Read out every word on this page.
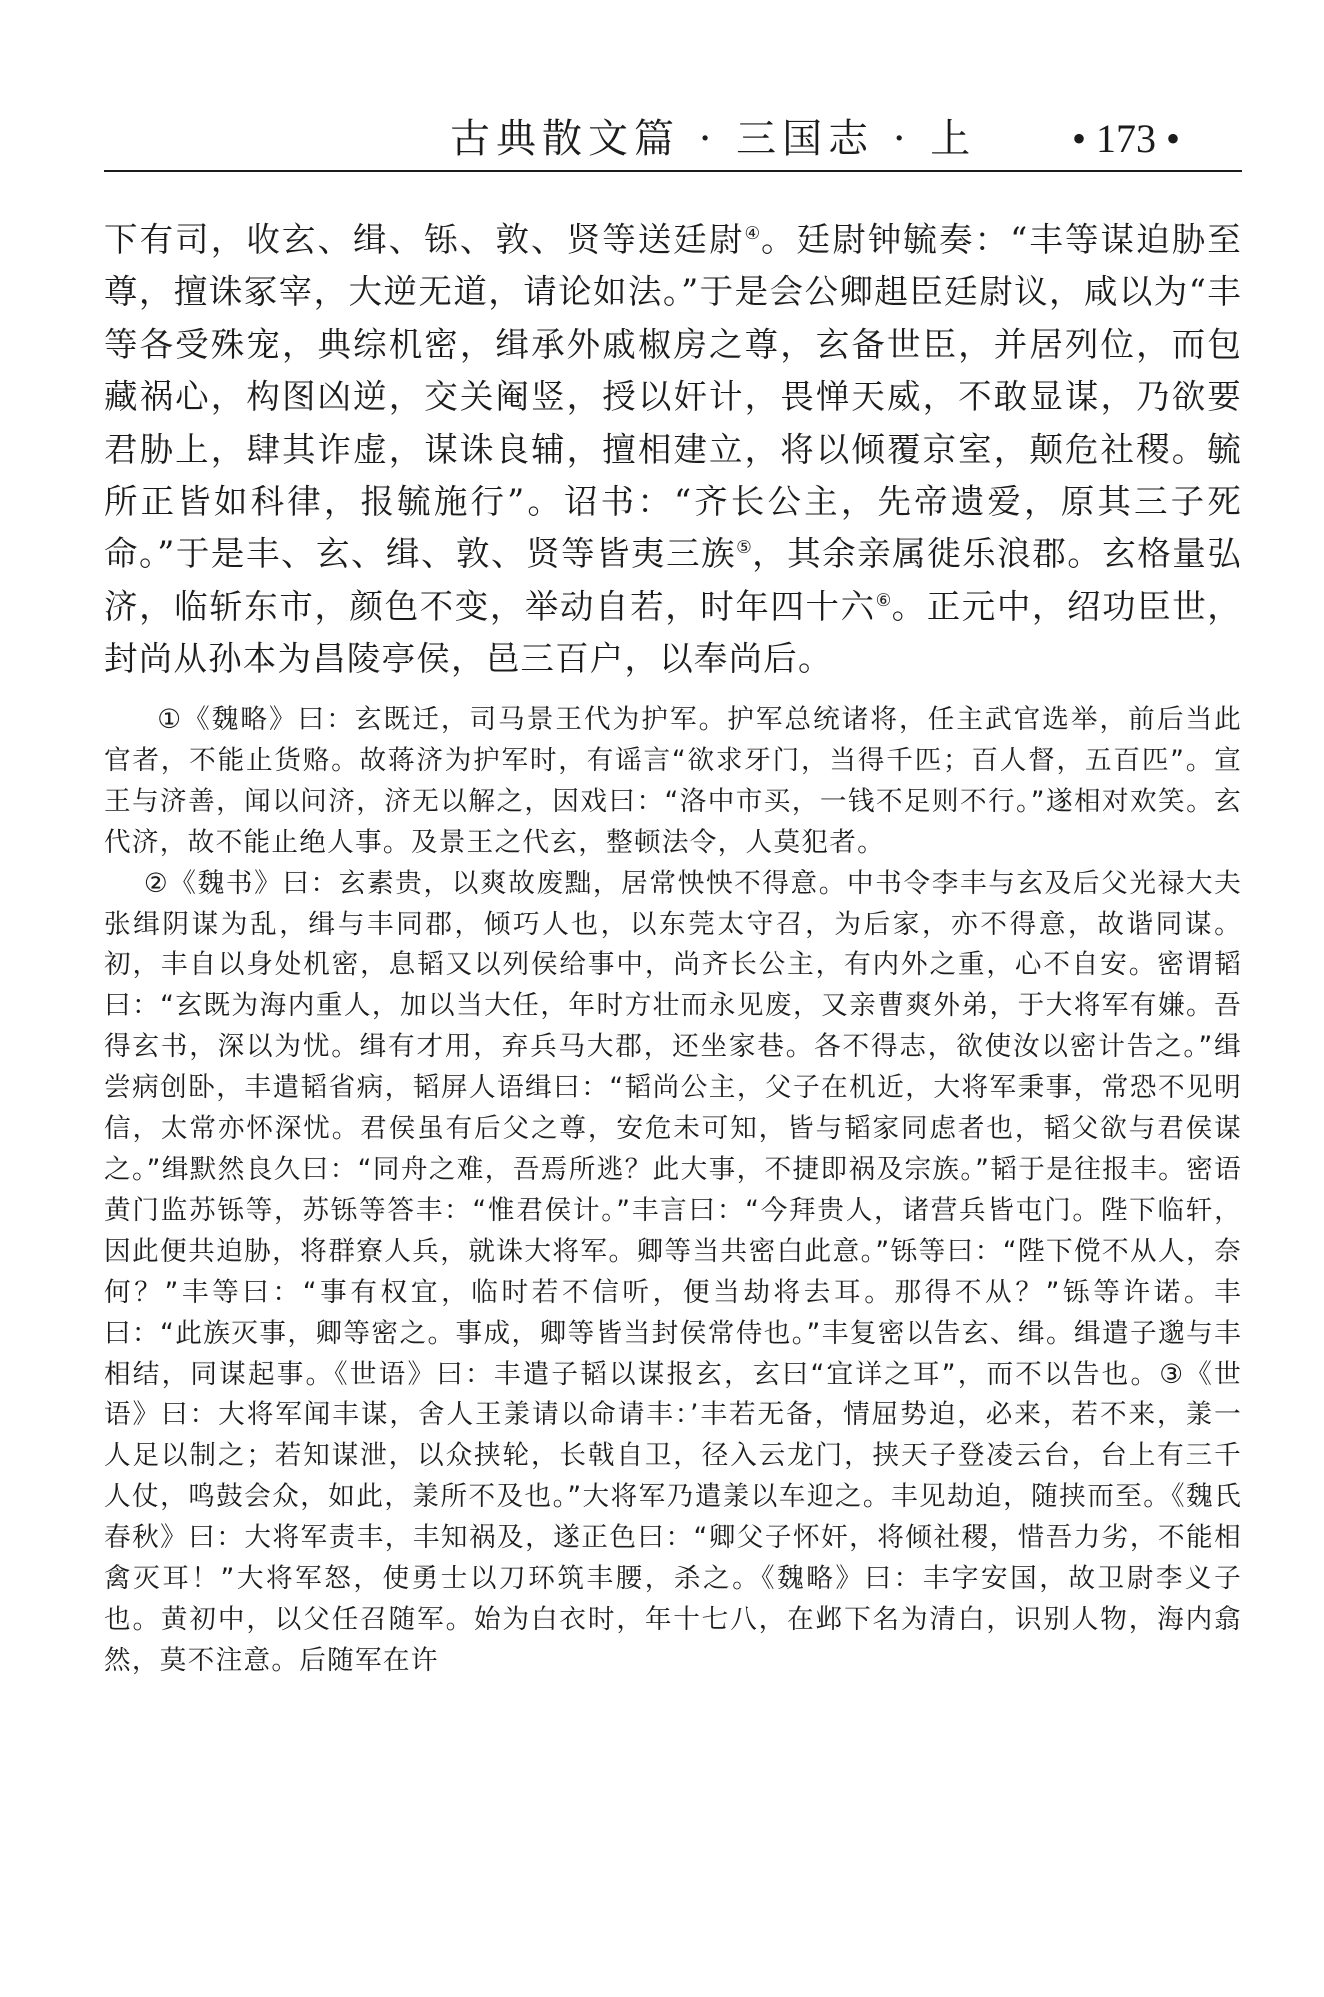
古典散文篇 · 三国志 · 上 • 173 •

下有司，收玄、缉、铄、敦、贤等送廷尉④。廷尉钟毓奏：“丰等谋迫胁至尊，擅诛冢宰，大逆无道，请论如法。”于是会公卿趄臣廷尉议，咸以为“丰等各受殊宠，典综机密，缉承外戚椒房之尊，玄备世臣，并居列位，而包藏祸心，构图凶逆，交关阉竖，授以奸计，畏惮天威，不敢显谋，乃欲要君胁上，肆其诈虚，谋诛良辅，擅相建立，将以倾覆京室，颠危社稷。毓所正皆如科律，报毓施行”。诏书：“齐长公主，先帝遗爱，原其三子死命。”于是丰、玄、缉、敦、贤等皆夷三族⑤，其余亲属徙乐浪郡。玄格量弘济，临斩东市，颜色不变，举动自若，时年四十六⑥。正元中，绍功臣世，封尚从孙本为昌陵亭侯，邑三百户，以奉尚后。

①《魏略》曰：玄既迁，司马景王代为护军。护军总统诸将，任主武官选举，前后当此官者，不能止货赂。故蒋济为护军时，有谣言“欲求牙门，当得千匹；百人督，五百匹”。宣王与济善，闻以问济，济无以解之，因戏曰：“洛中市买，一钱不足则不行。”遂相对欢笑。玄代济，故不能止绝人事。及景王之代玄，整顿法令，人莫犯者。

②《魏书》曰：玄素贵，以爽故废黜，居常怏怏不得意。中书令李丰与玄及后父光禄大夫张缉阴谋为乱，缉与丰同郡，倾巧人也，以东莞太守召，为后家，亦不得意，故谐同谋。初，丰自以身处机密，息韬又以列侯给事中，尚齐长公主，有内外之重，心不自安。密谓韬曰：“玄既为海内重人，加以当大任，年时方壮而永见废，又亲曹爽外弟，于大将军有嫌。吾得玄书，深以为忧。缉有才用，弃兵马大郡，还坐家巷。各不得志，欲使汝以密计告之。”缉尝病创卧，丰遣韬省病，韬屏人语缉曰：“韬尚公主，父子在机近，大将军秉事，常恐不见明信，太常亦怀深忧。君侯虽有后父之尊，安危未可知，皆与韬家同虑者也，韬父欲与君侯谋之。”缉默然良久曰：“同舟之难，吾焉所逃？此大事，不捷即祸及宗族。”韬于是往报丰。密语黄门监苏铄等，苏铄等答丰：“惟君侯计。”丰言曰：“今拜贵人，诸营兵皆屯门。陛下临轩，因此便共迫胁，将群寮人兵，就诛大将军。卿等当共密白此意。”铄等曰：“陛下傥不从人，奈何？”丰等曰：“事有权宜，临时若不信听，便当劫将去耳。那得不从？”铄等许诺。丰曰：“此族灭事，卿等密之。事成，卿等皆当封侯常侍也。”丰复密以告玄、缉。缉遣子邈与丰相结，同谋起事。《世语》曰：丰遣子韬以谋报玄，玄曰“宜详之耳”，而不以告也。③《世语》曰：大将军闻丰谋，舍人王羕请以命请丰：’丰若无备，情屈势迫，必来，若不来，羕一人足以制之；若知谋泄，以众挟轮，长戟自卫，径入云龙门，挟天子登凌云台，台上有三千人仗，鸣鼓会众，如此，羕所不及也。”大将军乃遣羕以车迎之。丰见劫迫，随挟而至。《魏氏春秋》曰：大将军责丰，丰知祸及，遂正色曰：“卿父子怀奸，将倾社稷，惜吾力劣，不能相禽灭耳！”大将军怒，使勇士以刀环筑丰腰，杀之。《魏略》曰：丰字安国，故卫尉李义子也。黄初中，以父任召随军。始为白衣时，年十七八，在邺下名为清白，识别人物，海内翕然，莫不注意。后随军在许
